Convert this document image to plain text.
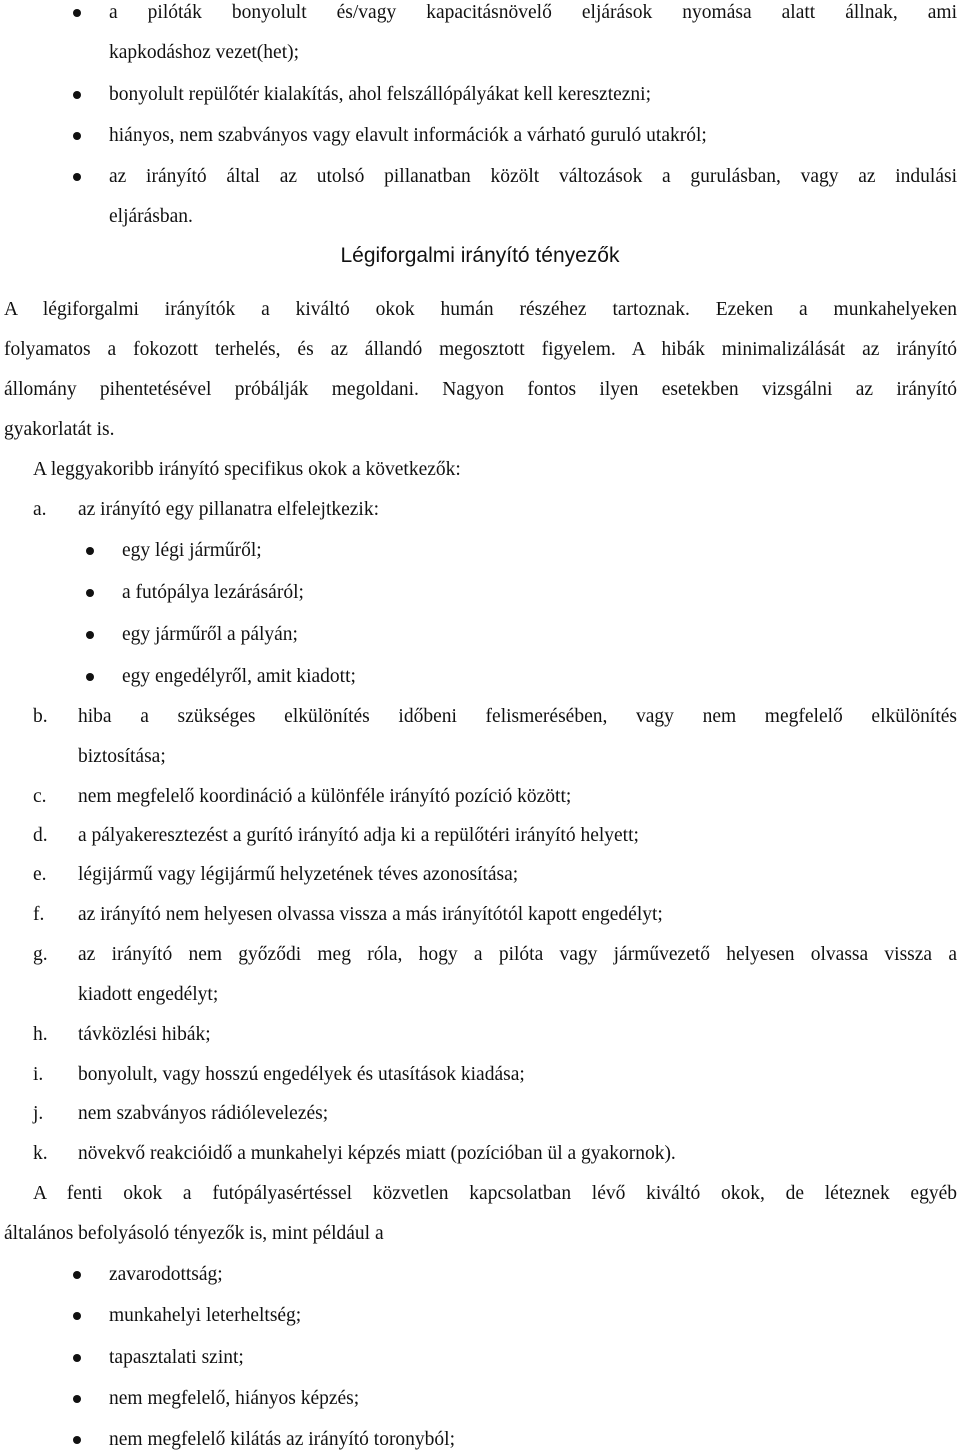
a pilóták bonyolult és/vagy kapacitásnövelő eljárások nyomása alatt állnak, ami
kapkodáshoz vezet(het);
bonyolult repülőtér kialakítás, ahol felszállópályákat kell keresztezni;
hiányos, nem szabványos vagy elavult információk a várható guruló utakról;
az irányító által az utolsó pillanatban közölt változások a gurulásban, vagy az indulási
eljárásban.
Légiforgalmi irányító tényezők
A légiforgalmi irányítók a kiváltó okok humán részéhez tartoznak. Ezeken a munkahelyeken
folyamatos a fokozott terhelés, és az állandó megosztott figyelem. A hibák minimalizálását az irányító
állomány pihentetésével próbálják megoldani. Nagyon fontos ilyen esetekben vizsgálni az irányító
gyakorlatát is.
A leggyakoribb irányító specifikus okok a következők:
a. az irányító egy pillanatra elfelejtkezik:
egy légi járműről;
a futópálya lezárásáról;
egy járműről a pályán;
egy engedélyről, amit kiadott;
b. hiba a szükséges elkülönítés időbeni felismerésében, vagy nem megfelelő elkülönítés
biztosítása;
c. nem megfelelő koordináció a különféle irányító pozíció között;
d. a pályakeresztezést a gurító irányító adja ki a repülőtéri irányító helyett;
e. légijármű vagy légijármű helyzetének téves azonosítása;
f. az irányító nem helyesen olvassa vissza a más irányítótól kapott engedélyt;
g. az irányító nem győződi meg róla, hogy a pilóta vagy járművezető helyesen olvassa vissza a
kiadott engedélyt;
h. távközlési hibák;
i. bonyolult, vagy hosszú engedélyek és utasítások kiadása;
j. nem szabványos rádiólevelezés;
k. növekvő reakcióidő a munkahelyi képzés miatt (pozícióban ül a gyakornok).
A fenti okok a futópályasértéssel közvetlen kapcsolatban lévő kiváltó okok, de léteznek egyéb
általános befolyásoló tényezők is, mint például a
zavarodottság;
munkahelyi leterheltség;
tapasztalati szint;
nem megfelelő, hiányos képzés;
nem megfelelő kilátás az irányító toronyból;
